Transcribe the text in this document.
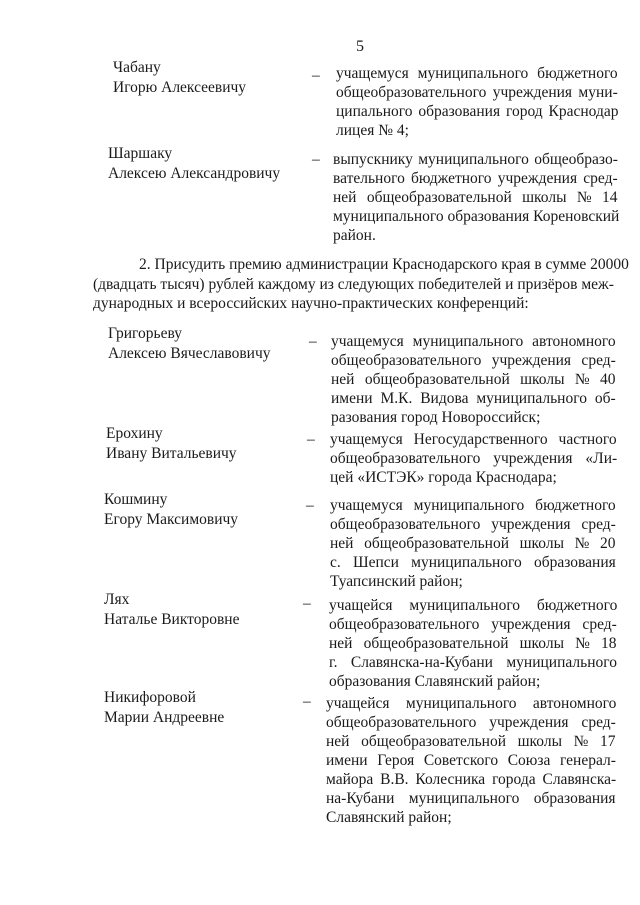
5
Чабану
Игорю Алексеевичу
– учащемуся муниципального бюджетного
общеобразовательного учреждения муни-
ципального образования город Краснодар
лицея № 4;
Шаршаку
Алексею Александровичу
– выпускнику муниципального общеобразо-
вательного бюджетного учреждения сред-
ней общеобразовательной школы № 14
муниципального образования Кореновский
район.
2. Присудить премию администрации Краснодарского края в сумме 20000
(двадцать тысяч) рублей каждому из следующих победителей и призёров меж-
дународных и всероссийских научно-практических конференций:
Григорьеву
Алексею Вячеславовичу
– учащемуся муниципального автономного
общеобразовательного учреждения сред-
ней общеобразовательной школы № 40
имени М.К. Видова муниципального об-
разования город Новороссийск;
Ерохину
Ивану Витальевичу
– учащемуся Негосударственного частного
общеобразовательного учреждения «Ли-
цей «ИСТЭК» города Краснодара;
Кошмину
Егору Максимовичу
– учащемуся муниципального бюджетного
общеобразовательного учреждения сред-
ней общеобразовательной школы № 20
с. Шепси муниципального образования
Туапсинский район;
Лях
Наталье Викторовне
– учащейся муниципального бюджетного
общеобразовательного учреждения сред-
ней общеобразовательной школы № 18
г. Славянска-на-Кубани муниципального
образования Славянский район;
Никифоровой
Марии Андреевне
– учащейся муниципального автономного
общеобразовательного учреждения сред-
ней общеобразовательной школы № 17
имени Героя Советского Союза генерал-
майора В.В. Колесника города Славянска-
на-Кубани муниципального образования
Славянский район;
